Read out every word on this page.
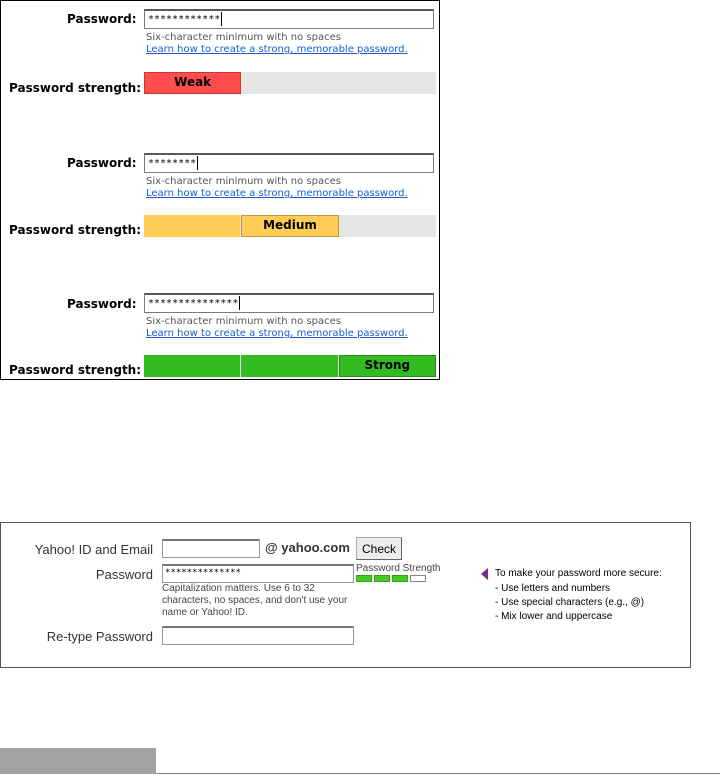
Password:	************
Six-character minimum with no spaces
Learn how to create a strong, memorable password.
Password strength:	Weak
Password:	********
Six-character minimum with no spaces
Learn how to create a strong, memorable password.
Password strength:	Medium
Password:	***************
Six-character minimum with no spaces
Learn how to create a strong, memorable password.
Password strength:	Strong
Yahoo! ID and Email	@ yahoo.com	Check
Password	**************	Password Strength
Capitalization matters. Use 6 to 32 characters, no spaces, and don't use your name or Yahoo! ID.
Re-type Password
To make your password more secure:
- Use letters and numbers
- Use special characters (e.g., @)
- Mix lower and uppercase
